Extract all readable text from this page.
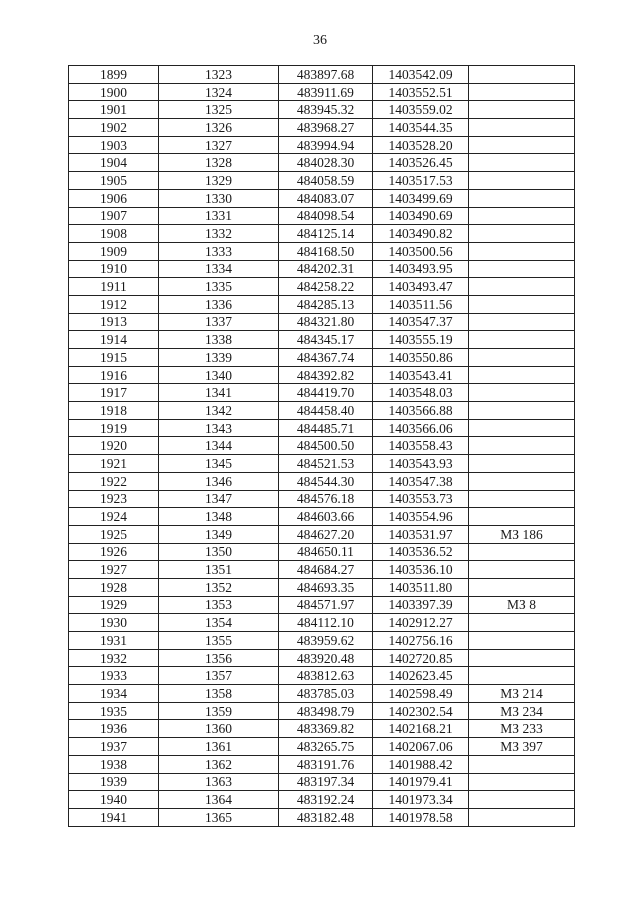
36
1899	1323	483897.68	1403542.09	
1900	1324	483911.69	1403552.51	
1901	1325	483945.32	1403559.02	
1902	1326	483968.27	1403544.35	
1903	1327	483994.94	1403528.20	
1904	1328	484028.30	1403526.45	
1905	1329	484058.59	1403517.53	
1906	1330	484083.07	1403499.69	
1907	1331	484098.54	1403490.69	
1908	1332	484125.14	1403490.82	
1909	1333	484168.50	1403500.56	
1910	1334	484202.31	1403493.95	
1911	1335	484258.22	1403493.47	
1912	1336	484285.13	1403511.56	
1913	1337	484321.80	1403547.37	
1914	1338	484345.17	1403555.19	
1915	1339	484367.74	1403550.86	
1916	1340	484392.82	1403543.41	
1917	1341	484419.70	1403548.03	
1918	1342	484458.40	1403566.88	
1919	1343	484485.71	1403566.06	
1920	1344	484500.50	1403558.43	
1921	1345	484521.53	1403543.93	
1922	1346	484544.30	1403547.38	
1923	1347	484576.18	1403553.73	
1924	1348	484603.66	1403554.96	
1925	1349	484627.20	1403531.97	МЗ 186
1926	1350	484650.11	1403536.52	
1927	1351	484684.27	1403536.10	
1928	1352	484693.35	1403511.80	
1929	1353	484571.97	1403397.39	МЗ 8
1930	1354	484112.10	1402912.27	
1931	1355	483959.62	1402756.16	
1932	1356	483920.48	1402720.85	
1933	1357	483812.63	1402623.45	
1934	1358	483785.03	1402598.49	МЗ 214
1935	1359	483498.79	1402302.54	МЗ 234
1936	1360	483369.82	1402168.21	МЗ 233
1937	1361	483265.75	1402067.06	МЗ 397
1938	1362	483191.76	1401988.42	
1939	1363	483197.34	1401979.41	
1940	1364	483192.24	1401973.34	
1941	1365	483182.48	1401978.58	
